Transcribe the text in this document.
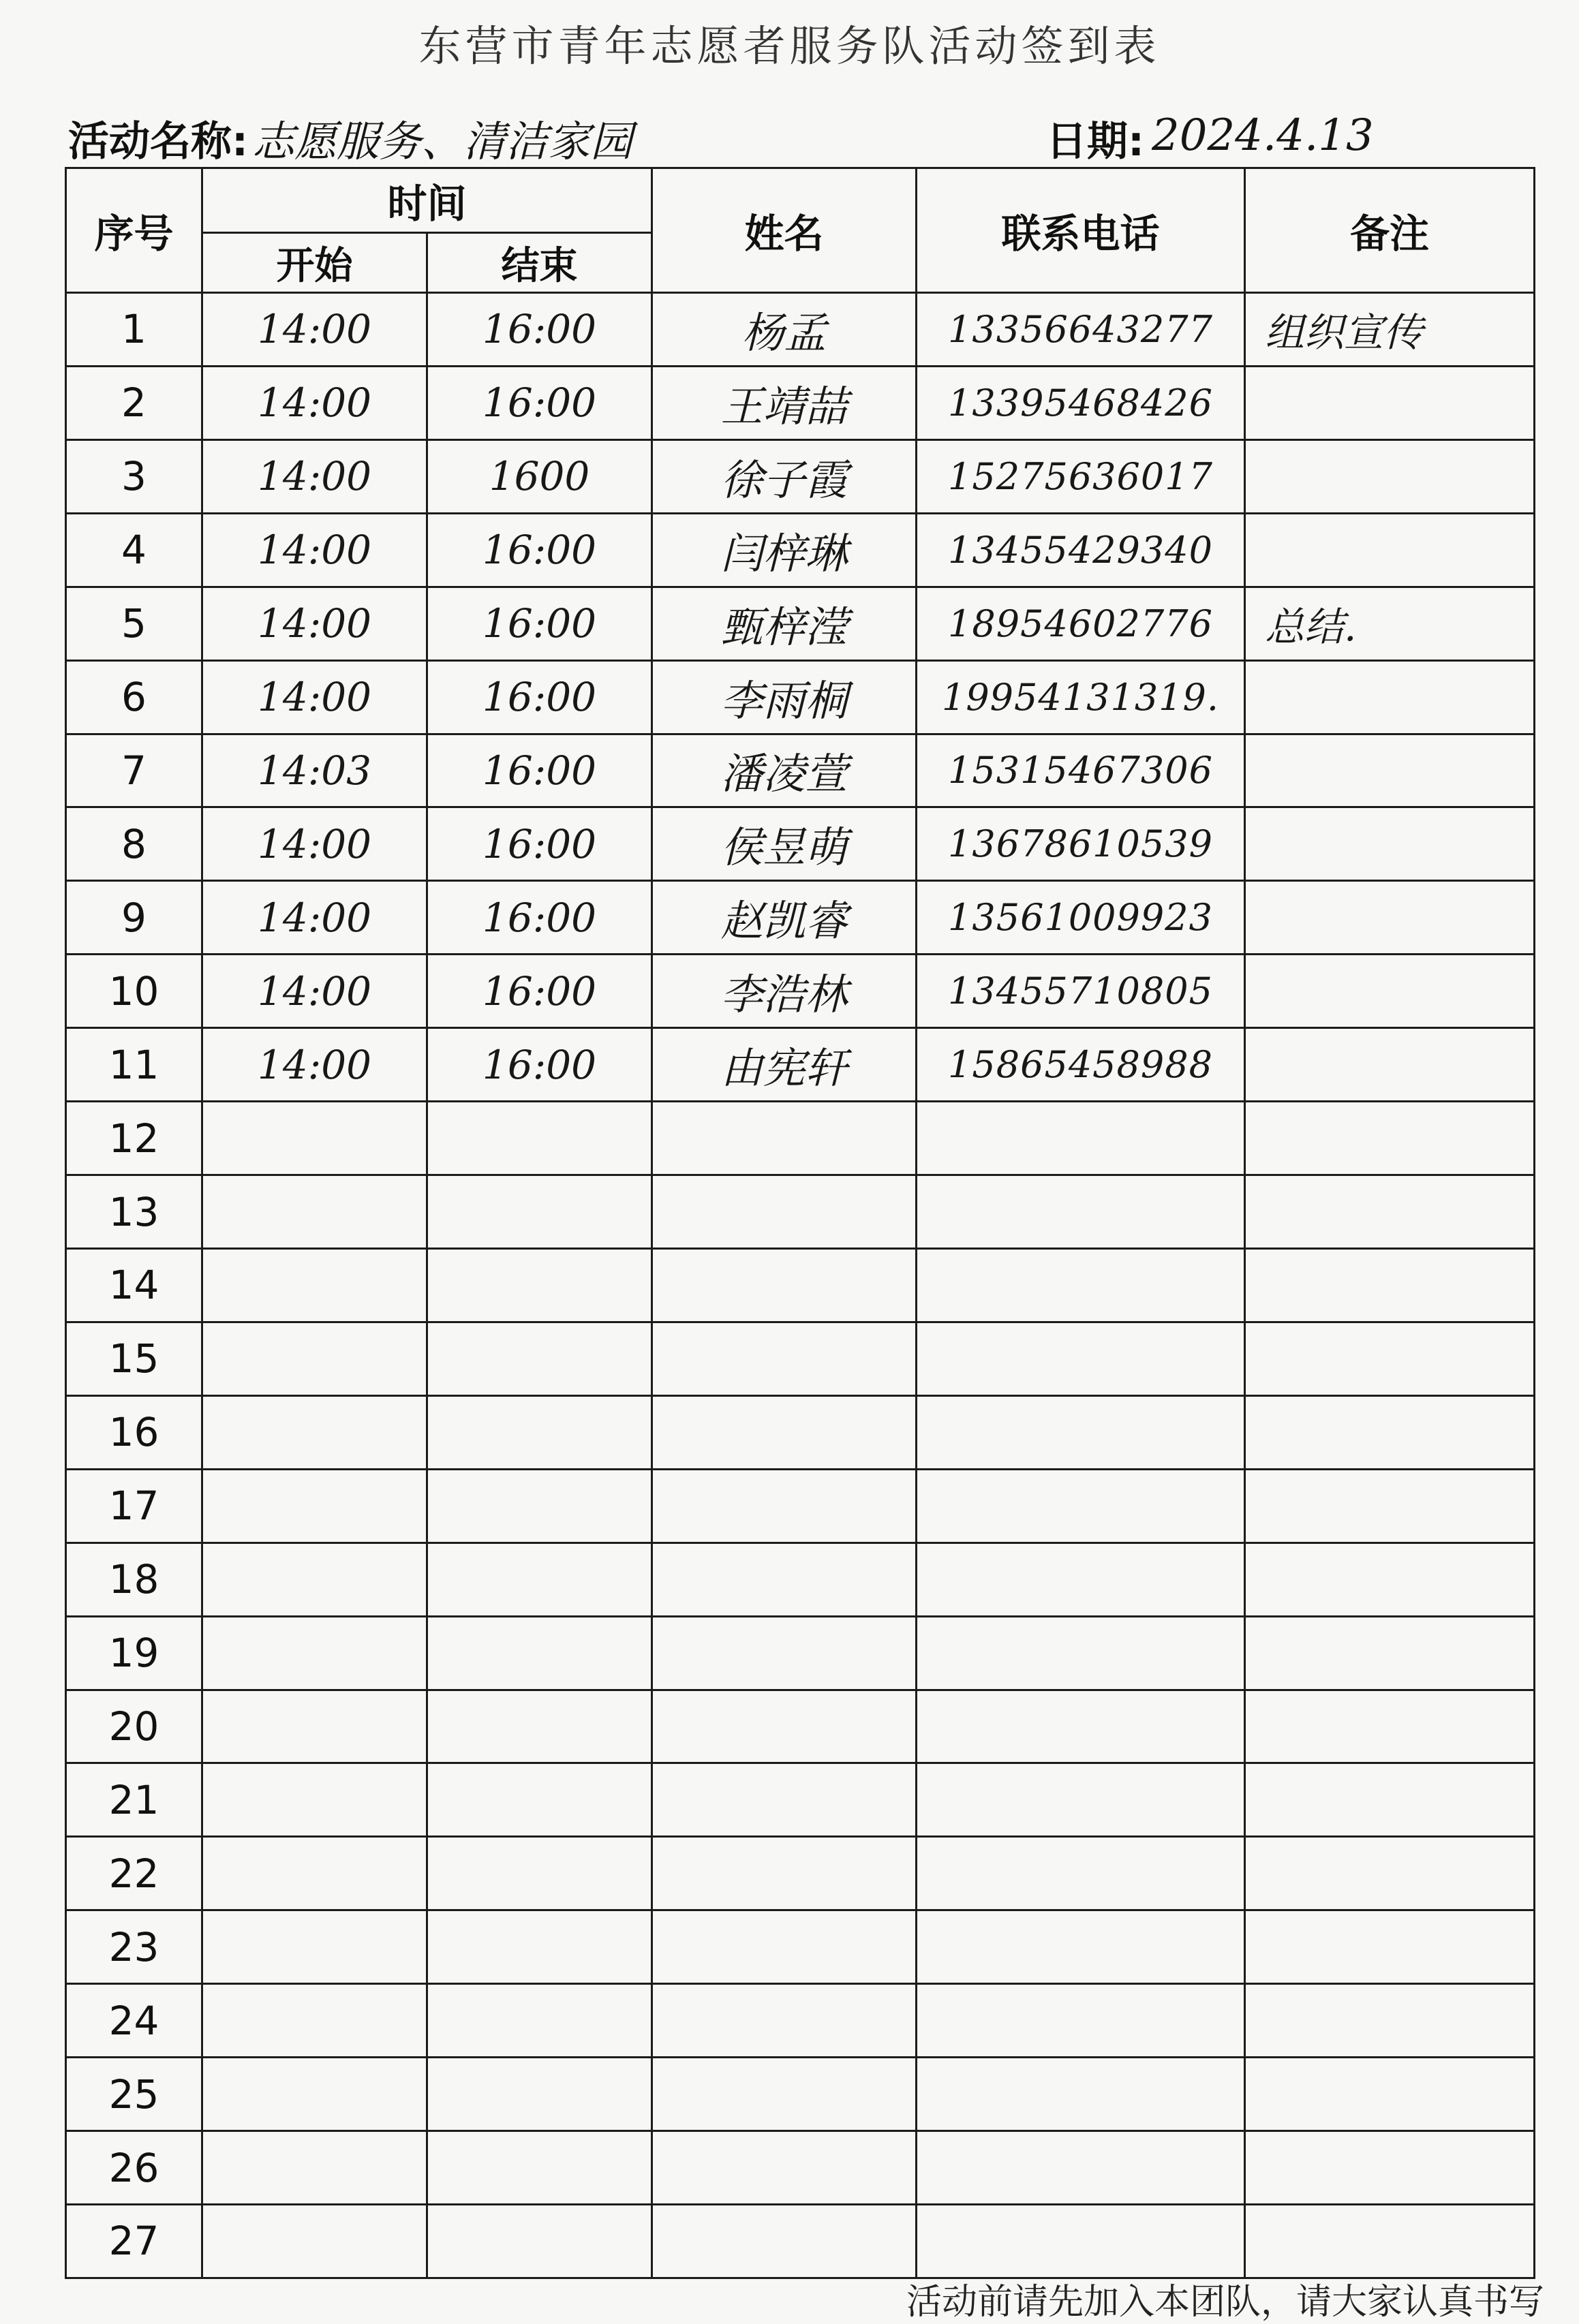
东营市青年志愿者服务队活动签到表
活动名称: 志愿服务、清洁家园	日期: 2024.4.13
序号	时间		姓名	联系电话	备注
	开始	结束			
1	14:00	16:00	杨孟	13356643277	组织宣传
2	14:00	16:00	王靖喆	13395468426	
3	14:00	1600	徐子霞	15275636017	
4	14:00	16:00	闫梓琳	13455429340	
5	14:00	16:00	甄梓滢	18954602776	总结.
6	14:00	16:00	李雨桐	19954131319.	
7	14:03	16:00	潘凌萱	15315467306	
8	14:00	16:00	侯昱萌	13678610539	
9	14:00	16:00	赵凯睿	13561009923	
10	14:00	16:00	李浩林	13455710805	
11	14:00	16:00	由宪轩	15865458988	
12					
13					
14					
15					
16					
17					
18					
19					
20					
21					
22					
23					
24					
25					
26					
27					
活动前请先加入本团队，请大家认真书写
